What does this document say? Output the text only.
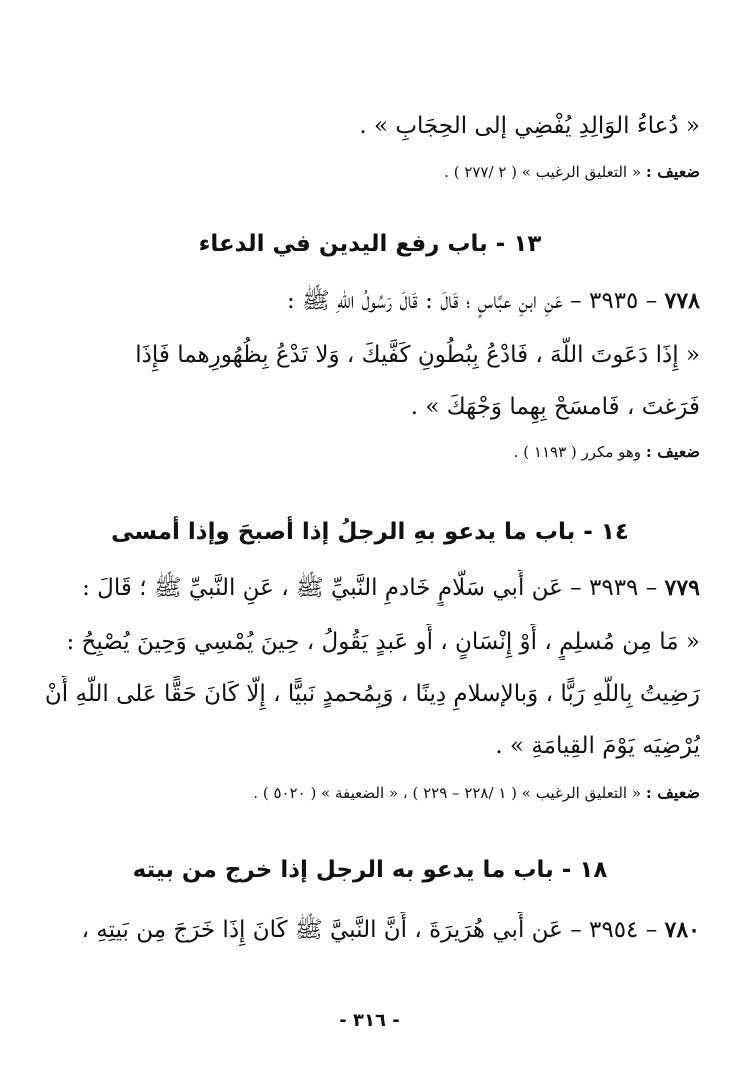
« دُعاءُ الوَالِدِ يُفْضِي إلى الحِجَابِ » .
ضعيف : « التعليق الرغيب » ( ٢ /٢٧٧ ) .
١٣ - باب رفع اليدين في الدعاء
٧٧٨ – ٣٩٣٥ – عَنِ ابنِ عبَّاسٍ ؛ قَالَ : قَالَ رَسُولُ اللّهِ ﷺ :
« إِذَا دَعَوتَ اللّهَ ، فَادْعُ بِبُطُونِ كَفَّيكَ ، وَلا تَدْعُ بِظُهُورِهما فَإِذَا
فَرَغتَ ، فَامسَحْ بِهِما وَجْهَكَ » .
ضعيف : وهو مكرر ( ١١٩٣ ) .
١٤ - باب ما يدعو بهِ الرجلُ إذا أصبحَ وإذا أمسى
٧٧٩ – ٣٩٣٩ – عَن أَبي سَلّامٍ خَادمِ النَّبيِّ ﷺ ، عَنِ النَّبيِّ ﷺ ؛ قَالَ :
« مَا مِن مُسلِمٍ ، أَوْ إِنْسَانٍ ، أَو عَبدٍ يَقُولُ ، حِينَ يُمْسِي وَحِينَ يُصْبِحُ :
رَضِيتُ بِاللّهِ رَبًّا ، وَبالإسلامِ دِينًا ، وَبِمُحمدٍ نَبيًّا ، إِلَّا كَانَ حَقًّا عَلى اللّهِ أَنْ
يُرْضِيَه يَوْمَ القِيامَةِ » .
ضعيف : « التعليق الرغيب » ( ١ /٢٢٨ – ٢٢٩ ) ، « الضعيفة » ( ٥٠٢٠ ) .
١٨ - باب ما يدعو به الرجل إذا خرج من بيته
٧٨٠ – ٣٩٥٤ – عَن أَبي هُرَيرَةَ ، أَنَّ النَّبيَّ ﷺ كَانَ إِذَا خَرَجَ مِن بَيتِهِ ،
- ٣١٦ -
